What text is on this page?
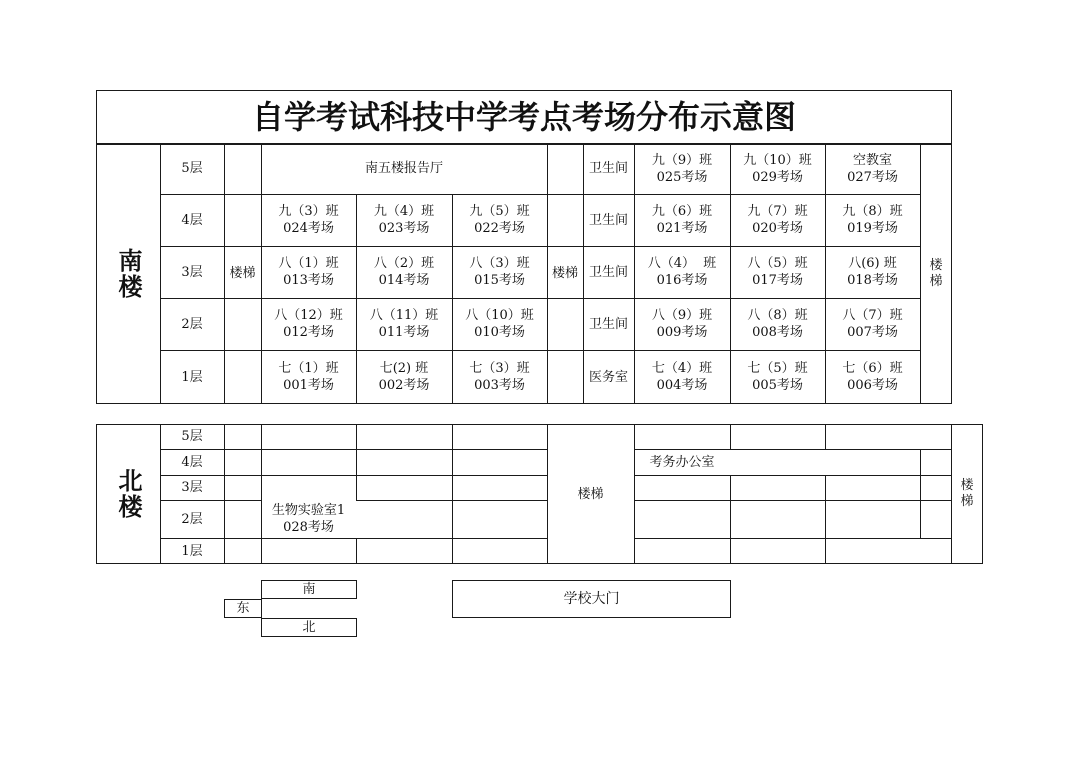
自学考试科技中学考点考场分布示意图
南楼
5层
4层
3层
2层
1层
楼梯	楼梯
楼
梯
南五楼报告厅
九（3）班
024考场
九（4）班
023考场
九（5）班
022考场
八（1）班
013考场
八（2）班
014考场
八（3）班
015考场
八（12）班
012考场
八（11）班
011考场
八（10）班
010考场
七（1）班
001考场
七(2) 班
002考场
七（3）班
003考场
卫生间
卫生间
卫生间
卫生间
医务室
九（9）班
025考场
九（10）班
029考场
空教室
027考场
九（6）班
021考场
九（7）班
020考场
九（8）班
019考场
八（4）  班
016考场
八（5）班
017考场
八(6) 班
018考场
八（9）班
009考场
八（8）班
008考场
八（7）班
007考场
七（4）班
004考场
七（5）班
005考场
七（6）班
006考场
北楼
5层
4层
3层
2层
1层
生物实验室1
028考场
楼梯
楼
梯
考务办公室
南
东
北
学校大门
